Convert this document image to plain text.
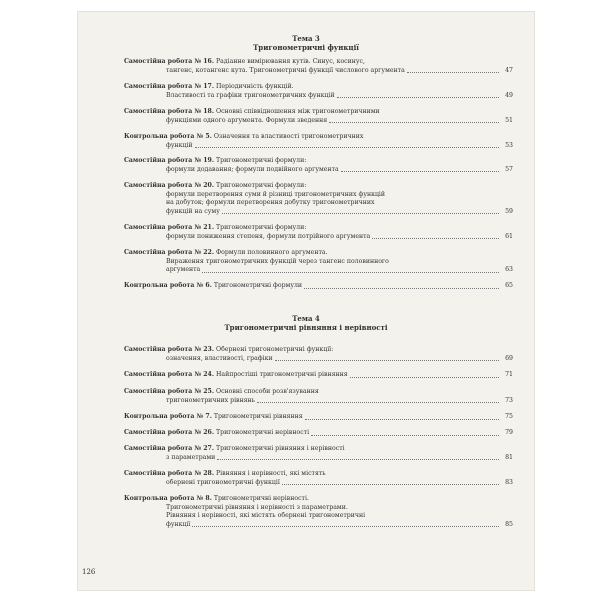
Тема 3
Тригонометричні функції
Тема 4
Тригонометричні рівняння і нерівності
Самостійна робота № 16. Радіанне вимірювання кутів. Синус, косинус,
тангенс, котангенс кута. Тригонометричні функції числового аргумента	47
Самостійна робота № 17. Періодичність функцій.
Властивості та графіки тригонометричних функцій	49
Самостійна робота № 18. Основні співвідношення між тригонометричними
функціями одного аргумента. Формули зведення	51
Контрольна робота № 5. Означення та властивості тригонометричних
функцій	53
Самостійна робота № 19. Тригонометричні формули:
формули додавання; формули подвійного аргумента	57
Самостійна робота № 20. Тригонометричні формули:
формули перетворення суми й різниці тригонометричних функцій
на добуток; формули перетворення добутку тригонометричних
функцій на суму	59
Самостійна робота № 21. Тригонометричні формули:
формули пониження степеня, формули потрійного аргумента	61
Самостійна робота № 22. Формули половинного аргумента.
Вираження тригонометричних функцій через тангенс половинного
аргумента	63
Контрольна робота № 6. Тригонометричні формули	65
Самостійна робота № 23. Обернені тригонометричні функції:
означення, властивості, графіки	69
Самостійна робота № 24. Найпростіші тригонометричні рівняння	71
Самостійна робота № 25. Основні способи розв'язування
тригонометричних рівнянь	73
Контрольна робота № 7. Тригонометричні рівняння	75
Самостійна робота № 26. Тригонометричні нерівності	79
Самостійна робота № 27. Тригонометричні рівняння і нерівності
з параметрами	81
Самостійна робота № 28. Рівняння і нерівності, які містять
обернені тригонометричні функції	83
Контрольна робота № 8. Тригонометричні нерівності.
Тригонометричні рівняння і нерівності з параметрами.
Рівняння і нерівності, які містять обернені тригонометричні
функції	85
126
